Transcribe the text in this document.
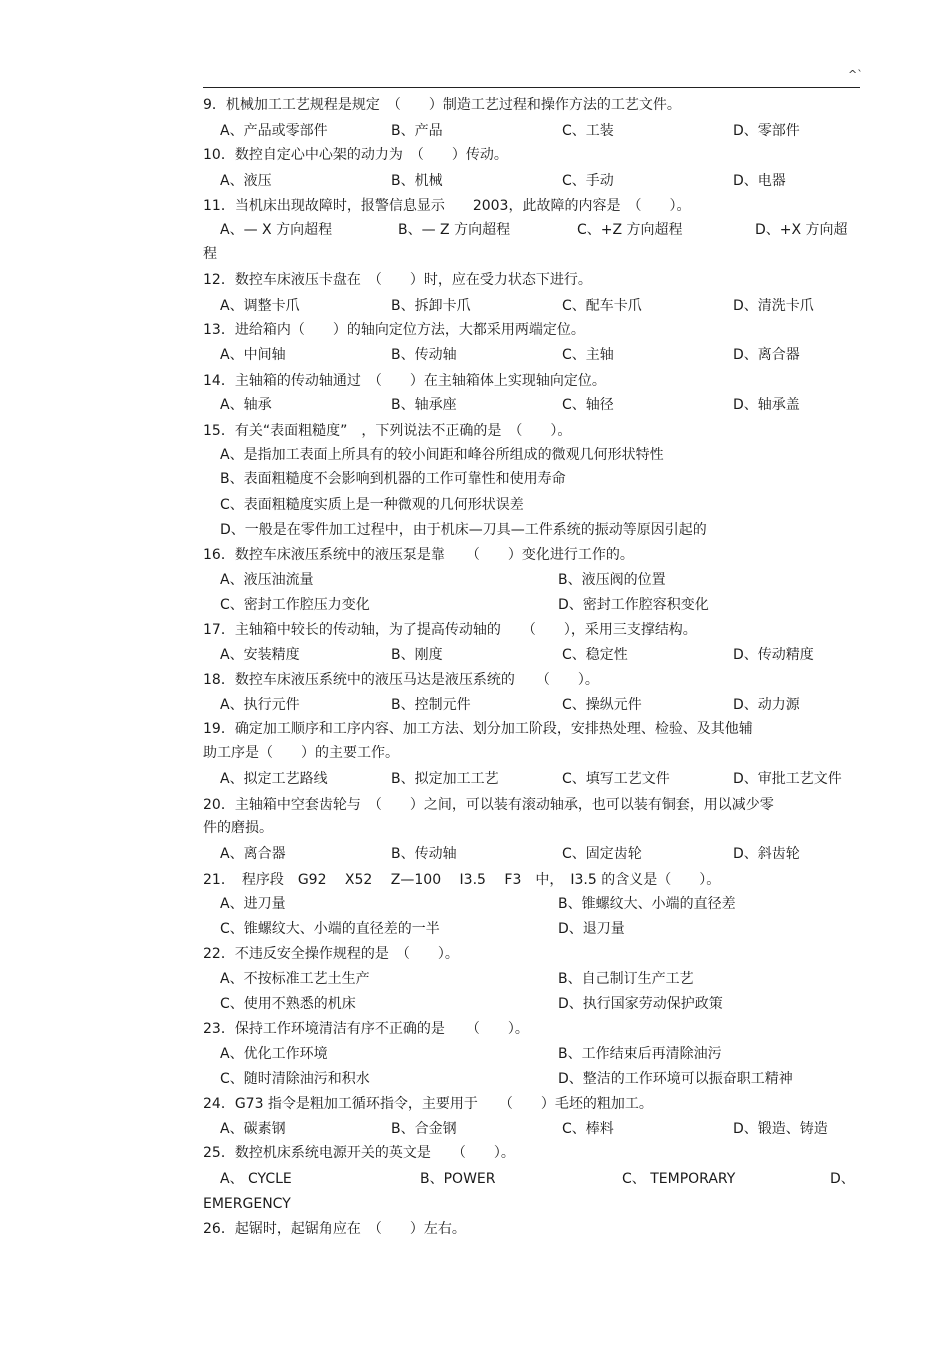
^`
9．机械加工工艺规程是规定　（　　）制造工艺过程和操作方法的工艺文件。
A、产品或零部件	B、产品	C、工装	D、零部件
10．数控自定心中心架的动力为　（　　）传动。
A、液压	B、机械	C、手动	D、电器
11．当机床出现故障时，报警信息显示　　2003，此故障的内容是　（　　）。
A、— X 方向超程	B、— Z 方向超程	C、+Z 方向超程	D、+X 方向超
程
12．数控车床液压卡盘在　（　　）时，应在受力状态下进行。
A、调整卡爪	B、拆卸卡爪	C、配车卡爪	D、清洗卡爪
13．进给箱内（　　）的轴向定位方法，大都采用两端定位。
A、中间轴	B、传动轴	C、主轴	D、离合器
14．主轴箱的传动轴通过　（　　）在主轴箱体上实现轴向定位。
A、轴承	B、轴承座	C、轴径	D、轴承盖
15．有关“表面粗糙度”　，下列说法不正确的是　（　　）。
A、是指加工表面上所具有的较小间距和峰谷所组成的微观几何形状特性
B、表面粗糙度不会影响到机器的工作可靠性和使用寿命
C、表面粗糙度实质上是一种微观的几何形状误差
D、一般是在零件加工过程中，由于机床—刀具—工件系统的振动等原因引起的
16．数控车床液压系统中的液压泵是靠　　（　　）变化进行工作的。
A、液压油流量	B、液压阀的位置
C、密封工作腔压力变化	D、密封工作腔容积变化
17．主轴箱中较长的传动轴，为了提高传动轴的　　（　　），采用三支撑结构。
A、安装精度	B、刚度	C、稳定性	D、传动精度
18．数控车床液压系统中的液压马达是液压系统的　　（　　）。
A、执行元件	B、控制元件	C、操纵元件	D、动力源
19．确定加工顺序和工序内容、加工方法、划分加工阶段，安排热处理、检验、及其他辅
助工序是（　　）的主要工作。
A、拟定工艺路线	B、拟定加工工艺	C、填写工艺文件	D、审批工艺文件
20．主轴箱中空套齿轮与　（　　）之间，可以装有滚动轴承，也可以装有铜套，用以减少零
件的磨损。
A、离合器	B、传动轴	C、固定齿轮	D、斜齿轮
21．　程序段　G92　 X52　 Z—100　 I3.5　 F3　中，　I3.5 的含义是（　　）。
A、进刀量	B、锥螺纹大、小端的直径差
C、锥螺纹大、小端的直径差的一半	D、退刀量
22．不违反安全操作规程的是　（　　）。
A、不按标准工艺土生产	B、自己制订生产工艺
C、使用不熟悉的机床	D、执行国家劳动保护政策
23．保持工作环境清洁有序不正确的是　　（　　）。
A、优化工作环境	B、工作结束后再清除油污
C、随时清除油污和积水	D、整洁的工作环境可以振奋职工精神
24．G73 指令是粗加工循环指令，主要用于　　（　　）毛坯的粗加工。
A、碳素钢	B、合金钢	C、棒料	D、锻造、铸造
25．数控机床系统电源开关的英文是　　（　　）。
A、 CYCLE	B、POWER	C、 TEMPORARY	D、
EMERGENCY
26．起锯时，起锯角应在　（　　）左右。
